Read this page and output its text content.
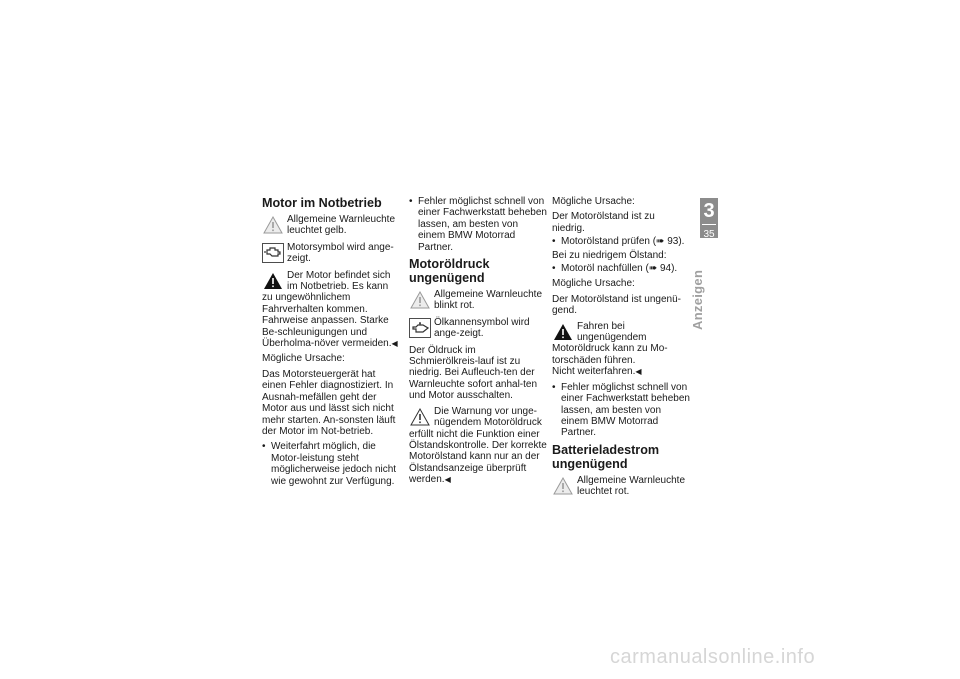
Motor im Notbetrieb
Allgemeine Warnleuchte leuchtet gelb.
Motorsymbol wird ange-zeigt.
Der Motor befindet sich im Notbetrieb. Es kann zu ungewöhnlichem Fahrverhalten kommen.
Fahrweise anpassen. Starke Be-schleunigungen und Überholma-növer vermeiden.◀

Mögliche Ursache:

Das Motorsteuergerät hat einen Fehler diagnostiziert. In Ausnah-mefällen geht der Motor aus und lässt sich nicht mehr starten. An-sonsten läuft der Motor im Not-betrieb.

• Weiterfahrt möglich, die Motor-leistung steht möglicherweise jedoch nicht wie gewohnt zur Verfügung.
• Fehler möglichst schnell von einer Fachwerkstatt beheben lassen, am besten von einem BMW Motorrad Partner.
Motoröldruck ungenügend
Allgemeine Warnleuchte blinkt rot.
Ölkannensymbol wird ange-zeigt.

Der Öldruck im Schmierölkreis-lauf ist zu niedrig. Bei Aufleuch-ten der Warnleuchte sofort anhal-ten und Motor ausschalten.

Die Warnung vor unge-nügendem Motoröldruck erfüllt nicht die Funktion einer Ölstandskontrolle. Der korrekte Motorölstand kann nur an der Ölstandsanzeige überprüft werden.◀

Mögliche Ursache:

Der Motorölstand ist zu niedrig.

• Motorölstand prüfen (➠ 93).

Bei zu niedrigem Ölstand:

• Motoröl nachfüllen (➠ 94).

Mögliche Ursache:

Der Motorölstand ist ungenü-gend.

Fahren bei ungenügendem Motoröldruck kann zu Mo-torschäden führen.
Nicht weiterfahren.◀
• Fehler möglichst schnell von einer Fachwerkstatt beheben lassen, am besten von einem BMW Motorrad Partner.
Batterieladestrom ungenügend
Allgemeine Warnleuchte leuchtet rot.
3
35
Anzeigen
carmanualsonline.info
